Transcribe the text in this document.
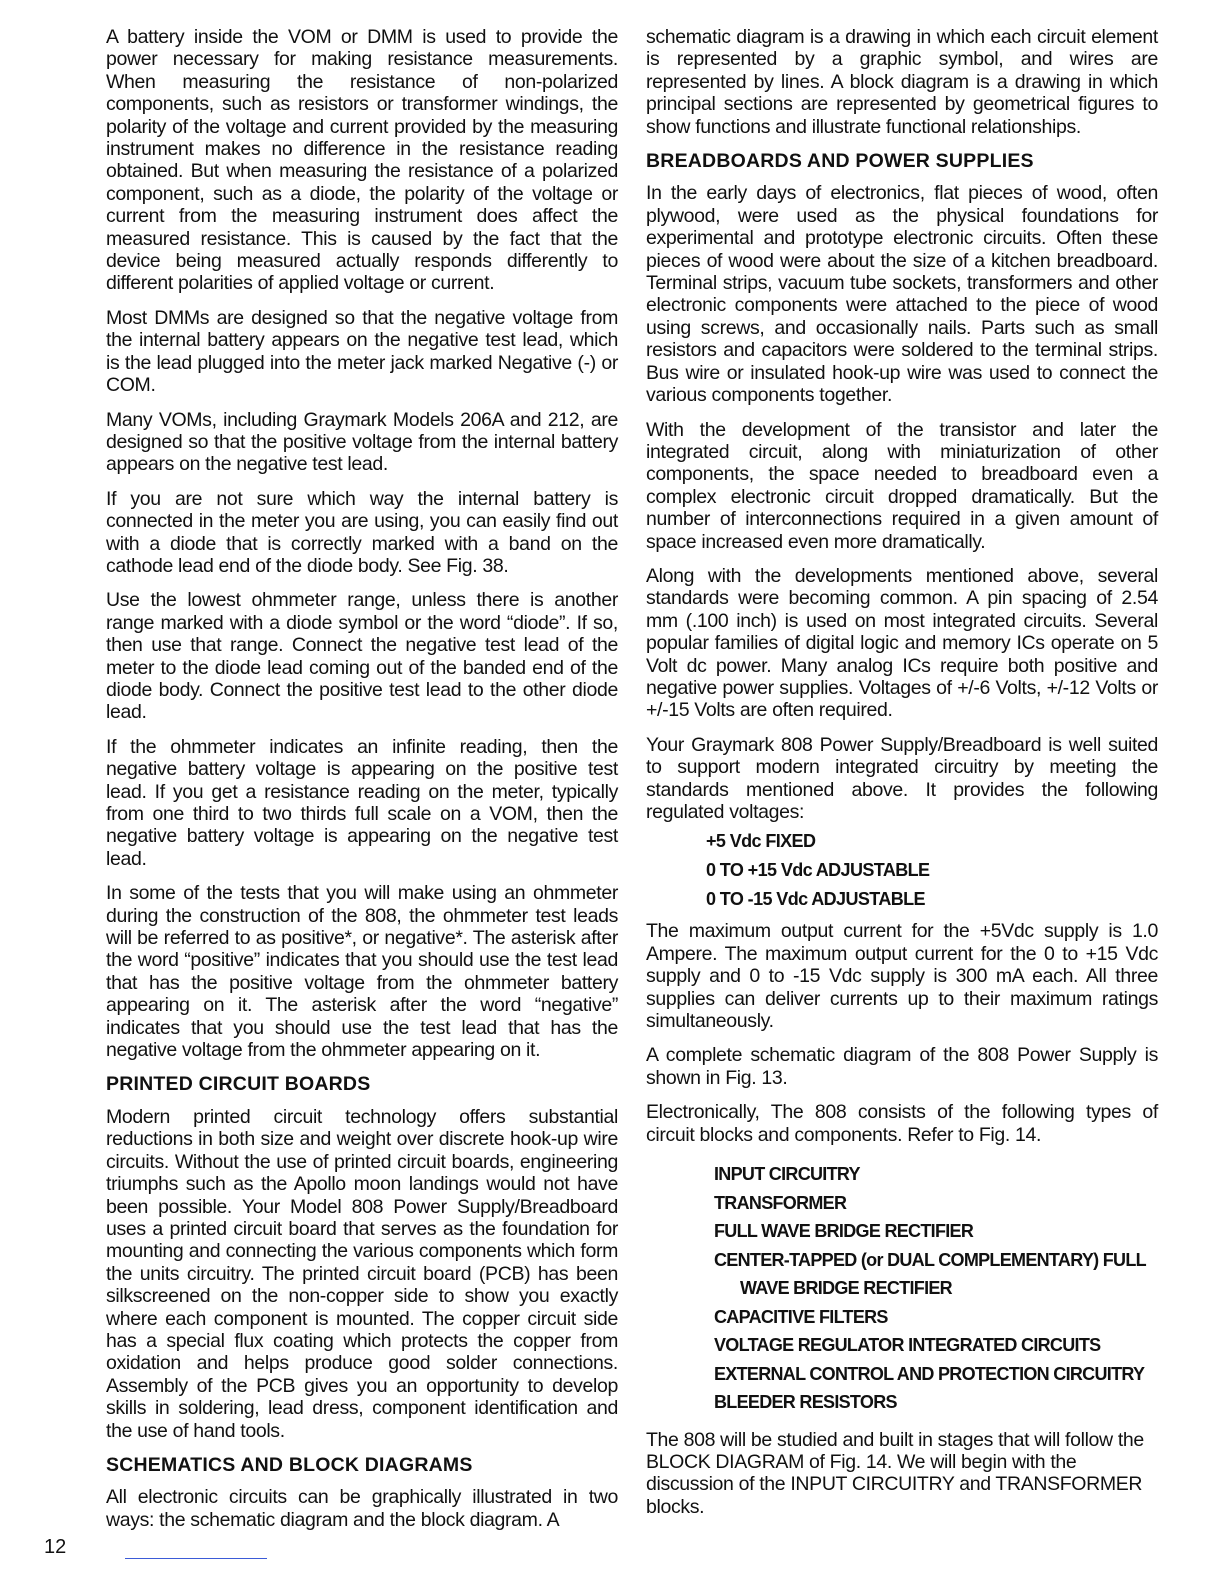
A battery inside the VOM or DMM is used to provide the power necessary for making resistance measurements. When measuring the resistance of non-polarized components, such as resistors or transformer windings, the polarity of the voltage and current provided by the measuring instrument makes no difference in the resistance reading obtained. But when measuring the resistance of a polarized component, such as a diode, the polarity of the voltage or current from the measuring instrument does affect the measured resistance. This is caused by the fact that the device being measured actually responds differently to different polarities of applied voltage or current.

Most DMMs are designed so that the negative voltage from the internal battery appears on the negative test lead, which is the lead plugged into the meter jack marked Negative (-) or COM.

Many VOMs, including Graymark Models 206A and 212, are designed so that the positive voltage from the internal battery appears on the negative test lead.

If you are not sure which way the internal battery is connected in the meter you are using, you can easily find out with a diode that is correctly marked with a band on the cathode lead end of the diode body. See Fig. 38.

Use the lowest ohmmeter range, unless there is another range marked with a diode symbol or the word “diode”. If so, then use that range. Connect the negative test lead of the meter to the diode lead coming out of the banded end of the diode body. Connect the positive test lead to the other diode lead.

If the ohmmeter indicates an infinite reading, then the negative battery voltage is appearing on the positive test lead. If you get a resistance reading on the meter, typically from one third to two thirds full scale on a VOM, then the negative battery voltage is appearing on the negative test lead.

In some of the tests that you will make using an ohmmeter during the construction of the 808, the ohmmeter test leads will be referred to as positive*, or negative*. The asterisk after the word “positive” indicates that you should use the test lead that has the positive voltage from the ohmmeter battery appearing on it. The asterisk after the word “negative” indicates that you should use the test lead that has the negative voltage from the ohmmeter appearing on it.

PRINTED CIRCUIT BOARDS

Modern printed circuit technology offers substantial reductions in both size and weight over discrete hook-up wire circuits. Without the use of printed circuit boards, engineering triumphs such as the Apollo moon landings would not have been possible. Your Model 808 Power Supply/Breadboard uses a printed circuit board that serves as the foundation for mounting and connecting the various components which form the units circuitry. The printed circuit board (PCB) has been silkscreened on the non-copper side to show you exactly where each component is mounted. The copper circuit side has a special flux coating which protects the copper from oxidation and helps produce good solder connections. Assembly of the PCB gives you an opportunity to develop skills in soldering, lead dress, component identification and the use of hand tools.

SCHEMATICS AND BLOCK DIAGRAMS

All electronic circuits can be graphically illustrated in two ways: the schematic diagram and the block diagram. A

schematic diagram is a drawing in which each circuit element is represented by a graphic symbol, and wires are represented by lines. A block diagram is a drawing in which principal sections are represented by geometrical figures to show functions and illustrate functional relationships.

BREADBOARDS AND POWER SUPPLIES

In the early days of electronics, flat pieces of wood, often plywood, were used as the physical foundations for experimental and prototype electronic circuits. Often these pieces of wood were about the size of a kitchen breadboard. Terminal strips, vacuum tube sockets, transformers and other electronic components were attached to the piece of wood using screws, and occasionally nails. Parts such as small resistors and capacitors were soldered to the terminal strips. Bus wire or insulated hook-up wire was used to connect the various components together.

With the development of the transistor and later the integrated circuit, along with miniaturization of other components, the space needed to breadboard even a complex electronic circuit dropped dramatically. But the number of interconnections required in a given amount of space increased even more dramatically.

Along with the developments mentioned above, several standards were becoming common. A pin spacing of 2.54 mm (.100 inch) is used on most integrated circuits. Several popular families of digital logic and memory ICs operate on 5 Volt dc power. Many analog ICs require both positive and negative power supplies. Voltages of +/-6 Volts, +/-12 Volts or +/-15 Volts are often required.

Your Graymark 808 Power Supply/Breadboard is well suited to support modern integrated circuitry by meeting the standards mentioned above. It provides the following regulated voltages:

+5 Vdc FIXED
0 TO +15 Vdc ADJUSTABLE
0 TO -15 Vdc ADJUSTABLE

The maximum output current for the +5Vdc supply is 1.0 Ampere. The maximum output current for the 0 to +15 Vdc supply and 0 to -15 Vdc supply is 300 mA each. All three supplies can deliver currents up to their maximum ratings simultaneously.

A complete schematic diagram of the 808 Power Supply is shown in Fig. 13.

Electronically, The 808 consists of the following types of circuit blocks and components. Refer to Fig. 14.

INPUT CIRCUITRY
TRANSFORMER
FULL WAVE BRIDGE RECTIFIER
CENTER-TAPPED (or DUAL COMPLEMENTARY) FULL
WAVE BRIDGE RECTIFIER
CAPACITIVE FILTERS
VOLTAGE REGULATOR INTEGRATED CIRCUITS
EXTERNAL CONTROL AND PROTECTION CIRCUITRY
BLEEDER RESISTORS

The 808 will be studied and built in stages that will follow the BLOCK DIAGRAM of Fig. 14. We will begin with the discussion of the INPUT CIRCUITRY and TRANSFORMER blocks.

12
